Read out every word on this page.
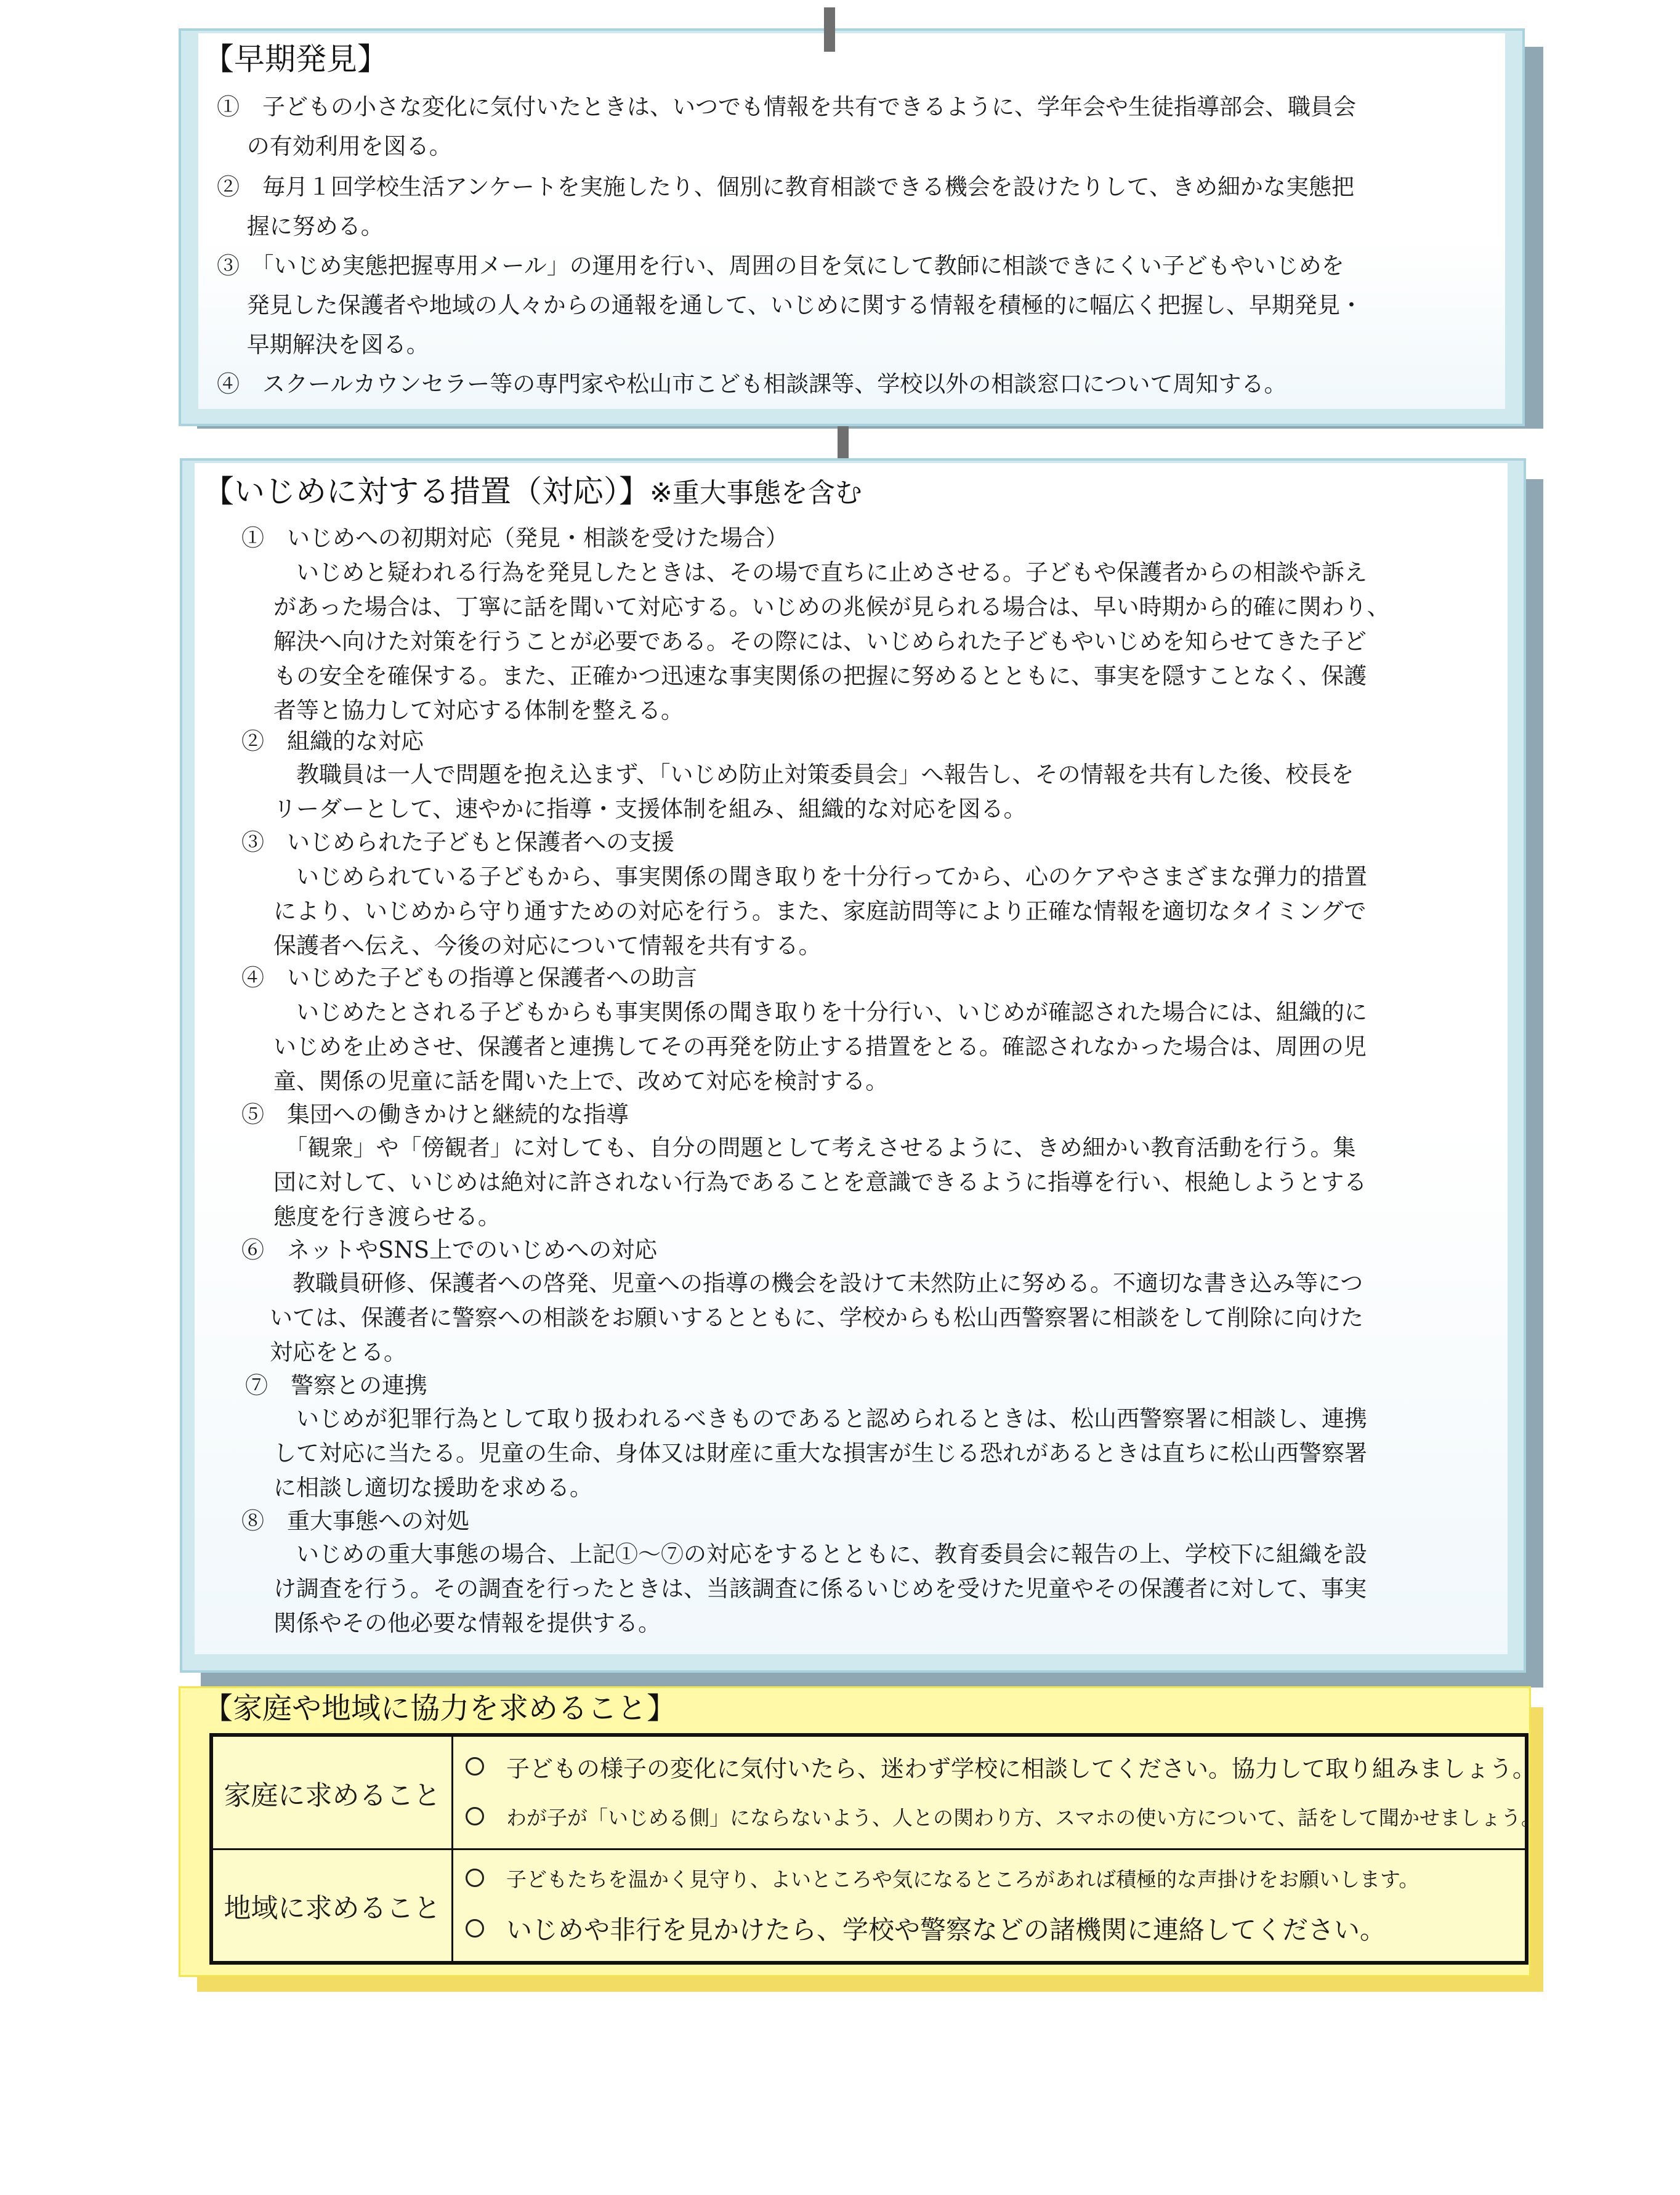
【早期発見】

①　子どもの小さな変化に気付いたときは、いつでも情報を共有できるように、学年会や生徒指導部会、職員会
　 の有効利用を図る。

②　毎月１回学校生活アンケートを実施したり、個別に教育相談できる機会を設けたりして、きめ細かな実態把
　 握に努める。

③　「いじめ実態把握専用メール」の運用を行い、周囲の目を気にして教師に相談できにくい子どもやいじめを
　 発見した保護者や地域の人々からの通報を通して、いじめに関する情報を積極的に幅広く把握し、早期発見・
　 早期解決を図る。

④　スクールカウンセラー等の専門家や松山市こども相談課等、学校以外の相談窓口について周知する。

【いじめに対する措置（対応）】※重大事態を含む

①　いじめへの初期対応（発見・相談を受けた場合）

　いじめと疑われる行為を発見したときは、その場で直ちに止めさせる。子どもや保護者からの相談や訴え
があった場合は、丁寧に話を聞いて対応する。いじめの兆候が見られる場合は、早い時期から的確に関わり、
解決へ向けた対策を行うことが必要である。その際には、いじめられた子どもやいじめを知らせてきた子ど
もの安全を確保する。また、正確かつ迅速な事実関係の把握に努めるとともに、事実を隠すことなく、保護
者等と協力して対応する体制を整える。

②　組織的な対応

　教職員は一人で問題を抱え込まず、「いじめ防止対策委員会」へ報告し、その情報を共有した後、校長を
リーダーとして、速やかに指導・支援体制を組み、組織的な対応を図る。

③　いじめられた子どもと保護者への支援

　いじめられている子どもから、事実関係の聞き取りを十分行ってから、心のケアやさまざまな弾力的措置
により、いじめから守り通すための対応を行う。また、家庭訪問等により正確な情報を適切なタイミングで
保護者へ伝え、今後の対応について情報を共有する。

④　いじめた子どもの指導と保護者への助言

　いじめたとされる子どもからも事実関係の聞き取りを十分行い、いじめが確認された場合には、組織的に
いじめを止めさせ、保護者と連携してその再発を防止する措置をとる。確認されなかった場合は、周囲の児
童、関係の児童に話を聞いた上で、改めて対応を検討する。

⑤　集団への働きかけと継続的な指導

　「観衆」や「傍観者」に対しても、自分の問題として考えさせるように、きめ細かい教育活動を行う。集
団に対して、いじめは絶対に許されない行為であることを意識できるように指導を行い、根絶しようとする
態度を行き渡らせる。

⑥　ネットやSNS上でのいじめへの対応

　教職員研修、保護者への啓発、児童への指導の機会を設けて未然防止に努める。不適切な書き込み等につ
いては、保護者に警察への相談をお願いするとともに、学校からも松山西警察署に相談をして削除に向けた
対応をとる。

⑦　警察との連携

　いじめが犯罪行為として取り扱われるべきものであると認められるときは、松山西警察署に相談し、連携
して対応に当たる。児童の生命、身体又は財産に重大な損害が生じる恐れがあるときは直ちに松山西警察署
に相談し適切な援助を求める。

⑧　重大事態への対処

　いじめの重大事態の場合、上記①～⑦の対応をするとともに、教育委員会に報告の上、学校下に組織を設
け調査を行う。その調査を行ったときは、当該調査に係るいじめを受けた児童やその保護者に対して、事実
関係やその他必要な情報を提供する。

【家庭や地域に協力を求めること】
家庭に求めること
子どもの様子の変化に気付いたら、迷わず学校に相談してください。協力して取り組みましょう。
わが子が「いじめる側」にならないよう、人との関わり方、スマホの使い方について、話をして聞かせましょう。
地域に求めること
子どもたちを温かく見守り、よいところや気になるところがあれば積極的な声掛けをお願いします。
いじめや非行を見かけたら、学校や警察などの諸機関に連絡してください。
